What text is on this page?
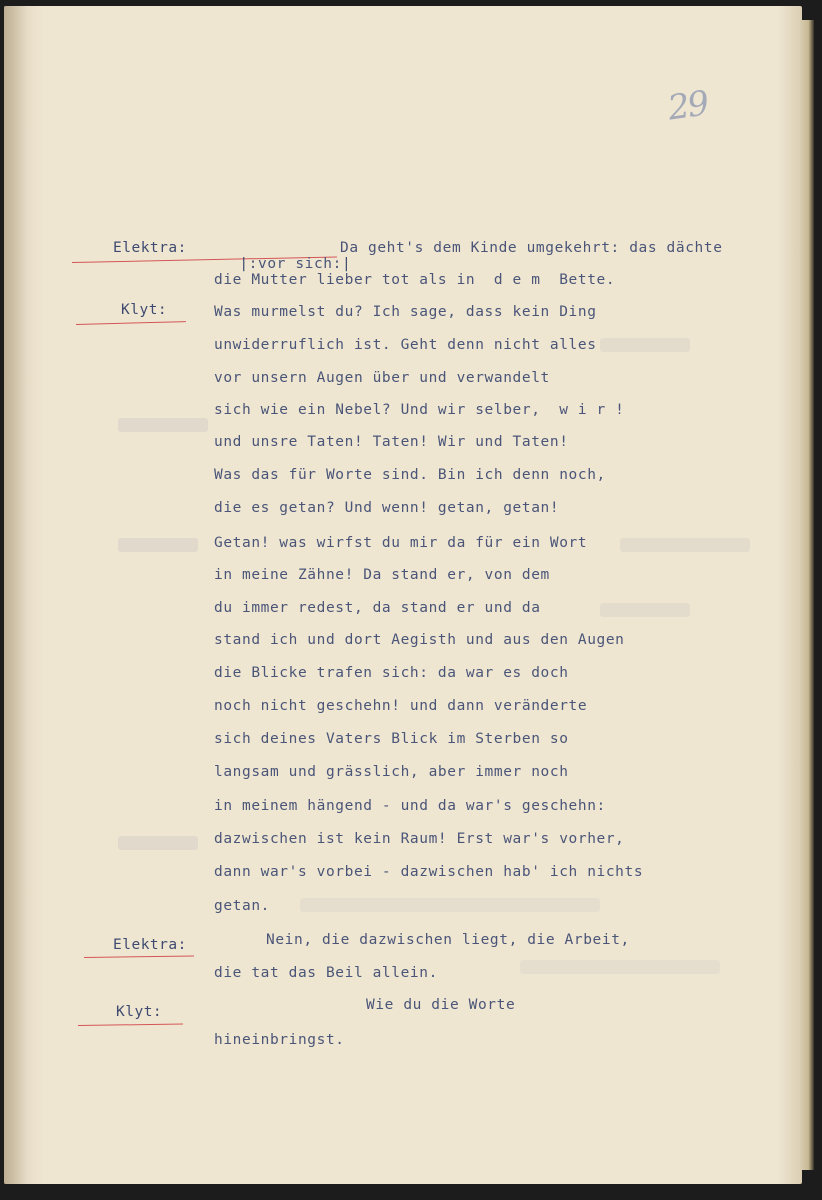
29
Elektra:
Klyt:
Elektra:
Klyt:

|:vor sich:|

Da geht's dem Kinde umgekehrt: das dächte
die Mutter lieber tot als in  d e m  Bette.
Was murmelst du? Ich sage, dass kein Ding
unwiderruflich ist. Geht denn nicht alles
vor unsern Augen über und verwandelt
sich wie ein Nebel? Und wir selber,  w i r !
und unsre Taten! Taten! Wir und Taten!
Was das für Worte sind. Bin ich denn noch,
die es getan? Und wenn! getan, getan!
Getan! was wirfst du mir da für ein Wort
in meine Zähne! Da stand er, von dem
du immer redest, da stand er und da
stand ich und dort Aegisth und aus den Augen
die Blicke trafen sich: da war es doch
noch nicht geschehn! und dann veränderte
sich deines Vaters Blick im Sterben so
langsam und grässlich, aber immer noch
in meinem hängend - und da war's geschehn:
dazwischen ist kein Raum! Erst war's vorher,
dann war's vorbei - dazwischen hab' ich nichts
getan.
Nein, die dazwischen liegt, die Arbeit,
die tat das Beil allein.
Wie du die Worte
hineinbringst.
